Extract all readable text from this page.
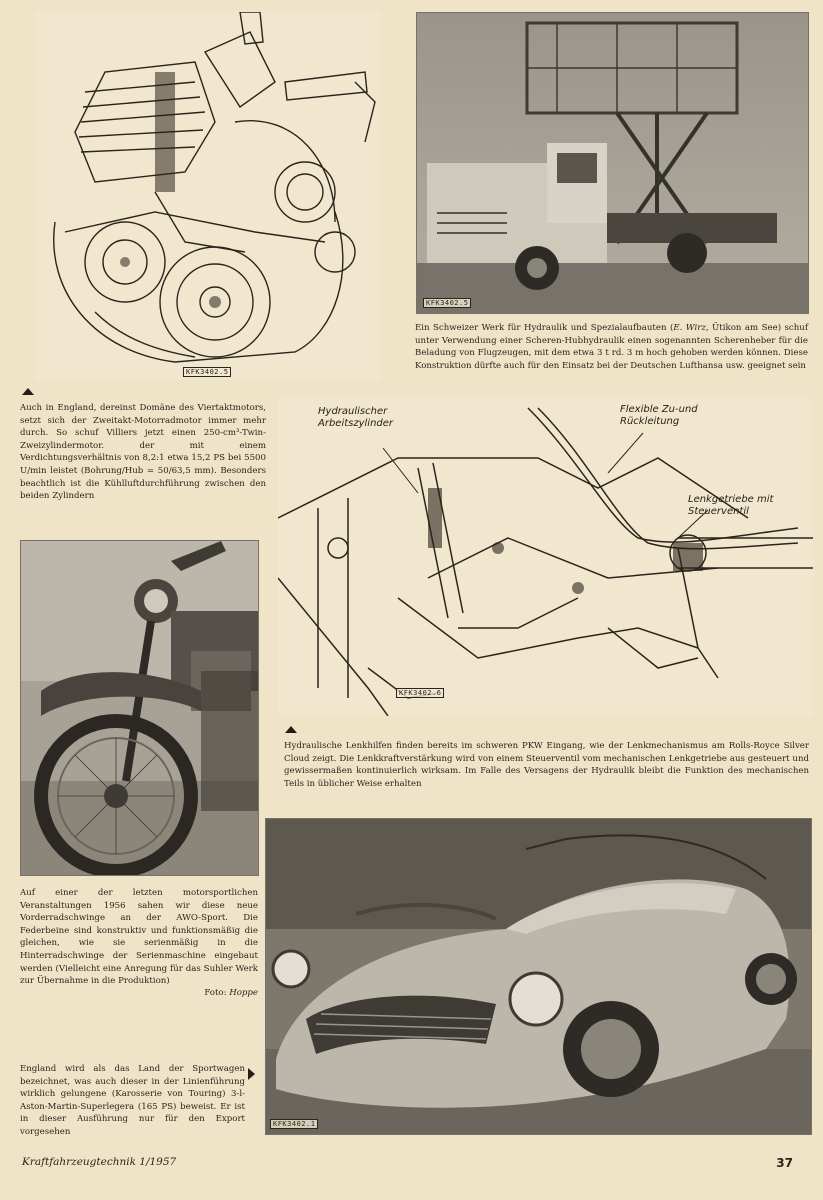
KFK3402.5
KFK3402.5

Ein Schweizer Werk für Hydraulik und Spezialaufbauten (E. Wirz, Ütikon am See) schuf unter Verwendung einer Scheren-Hubhydraulik einen sogenannten Scherenheber für die Beladung von Flugzeugen, mit dem etwa 3 t rd. 3 m hoch gehoben werden können. Diese Konstruktion dürfte auch für den Einsatz bei der Deutschen Lufthansa usw. geeignet sein

Auch in England, dereinst Domäne des Viertaktmotors, setzt sich der Zweitakt-Motorradmotor immer mehr durch. So schuf Villiers jetzt einen 250-cm³-Twin-Zweizylindermotor. der mit einem Verdichtungsverhältnis von 8,2:1 etwa 15,2 PS bei 5500 U/min leistet (Bohrung/Hub = 50/63,5 mm). Besonders beachtlich ist die Kühlluftdurchführung zwischen den beiden Zylindern

Hydraulischer Arbeitszylinder
Flexible Zu-und Rückleitung
Lenkgetriebe mit Steuerventil
KFK3402.6

Hydraulische Lenkhilfen finden bereits im schweren PKW Eingang, wie der Lenkmechanismus am Rolls-Royce Silver Cloud zeigt. Die Lenkkraftverstärkung wird von einem Steuerventil vom mechanischen Lenkgetriebe aus gesteuert und gewissermaßen kontinuierlich wirksam. Im Falle des Versagens der Hydraulik bleibt die Funktion des mechanischen Teils in üblicher Weise erhalten

Auf einer der letzten motorsportlichen Veranstaltungen 1956 sahen wir diese neue Vorderradschwinge an der AWO-Sport. Die Federbeine sind konstruktiv und funktionsmäßig die gleichen, wie sie serienmäßig in die Hinterradschwinge der Serienmaschine eingebaut werden (Vielleicht eine Anregung für das Suhler Werk zur Übernahme in die Produktion)

Foto: Hoppe

KFK3402.1

England wird als das Land der Sportwagen bezeichnet, was auch dieser in der Linienführung wirklich gelungene (Karosserie von Touring) 3-l-Aston-Martin-Superlegera (165 PS) beweist. Er ist in dieser Ausführung nur für den Export vorgesehen

Kraftfahrzeugtechnik 1/1957	37
